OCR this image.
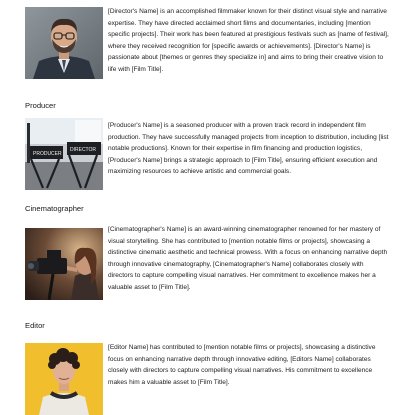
[Director's Name] is an accomplished filmmaker known for their distinct visual style and narrative expertise. They have directed acclaimed short films and documentaries, including [mention specific projects]. Their work has been featured at prestigious festivals such as [name of festival], where they received recognition for [specific awards or achievements]. [Director's Name] is passionate about [themes or genres they specialize in] and aims to bring their creative vision to life with [Film Title].

Producer
PRODUCER
DIRECTOR

[Producer's Name] is a seasoned producer with a proven track record in independent film production. They have successfully managed projects from inception to distribution, including [list notable productions]. Known for their expertise in film financing and production logistics, [Producer's Name] brings a strategic approach to [Film Title], ensuring efficient execution and maximizing resources to achieve artistic and commercial goals.

Cinematographer

[Cinematographer's Name] is an award-winning cinematographer renowned for her mastery of visual storytelling. She has contributed to [mention notable films or projects], showcasing a distinctive cinematic aesthetic and technical prowess. With a focus on enhancing narrative depth through innovative cinematography, [Cinematographer's Name] collaborates closely with directors to capture compelling visual narratives. Her commitment to excellence makes her a valuable asset to [Film Title].

Editor

[Editor Name] has contributed to [mention notable films or projects], showcasing a distinctive focus on enhancing narrative depth through innovative editing, [Editors Name] collaborates closely with directors to capture compelling visual narratives. His commitment to excellence makes him a valuable asset to [Film Title].
